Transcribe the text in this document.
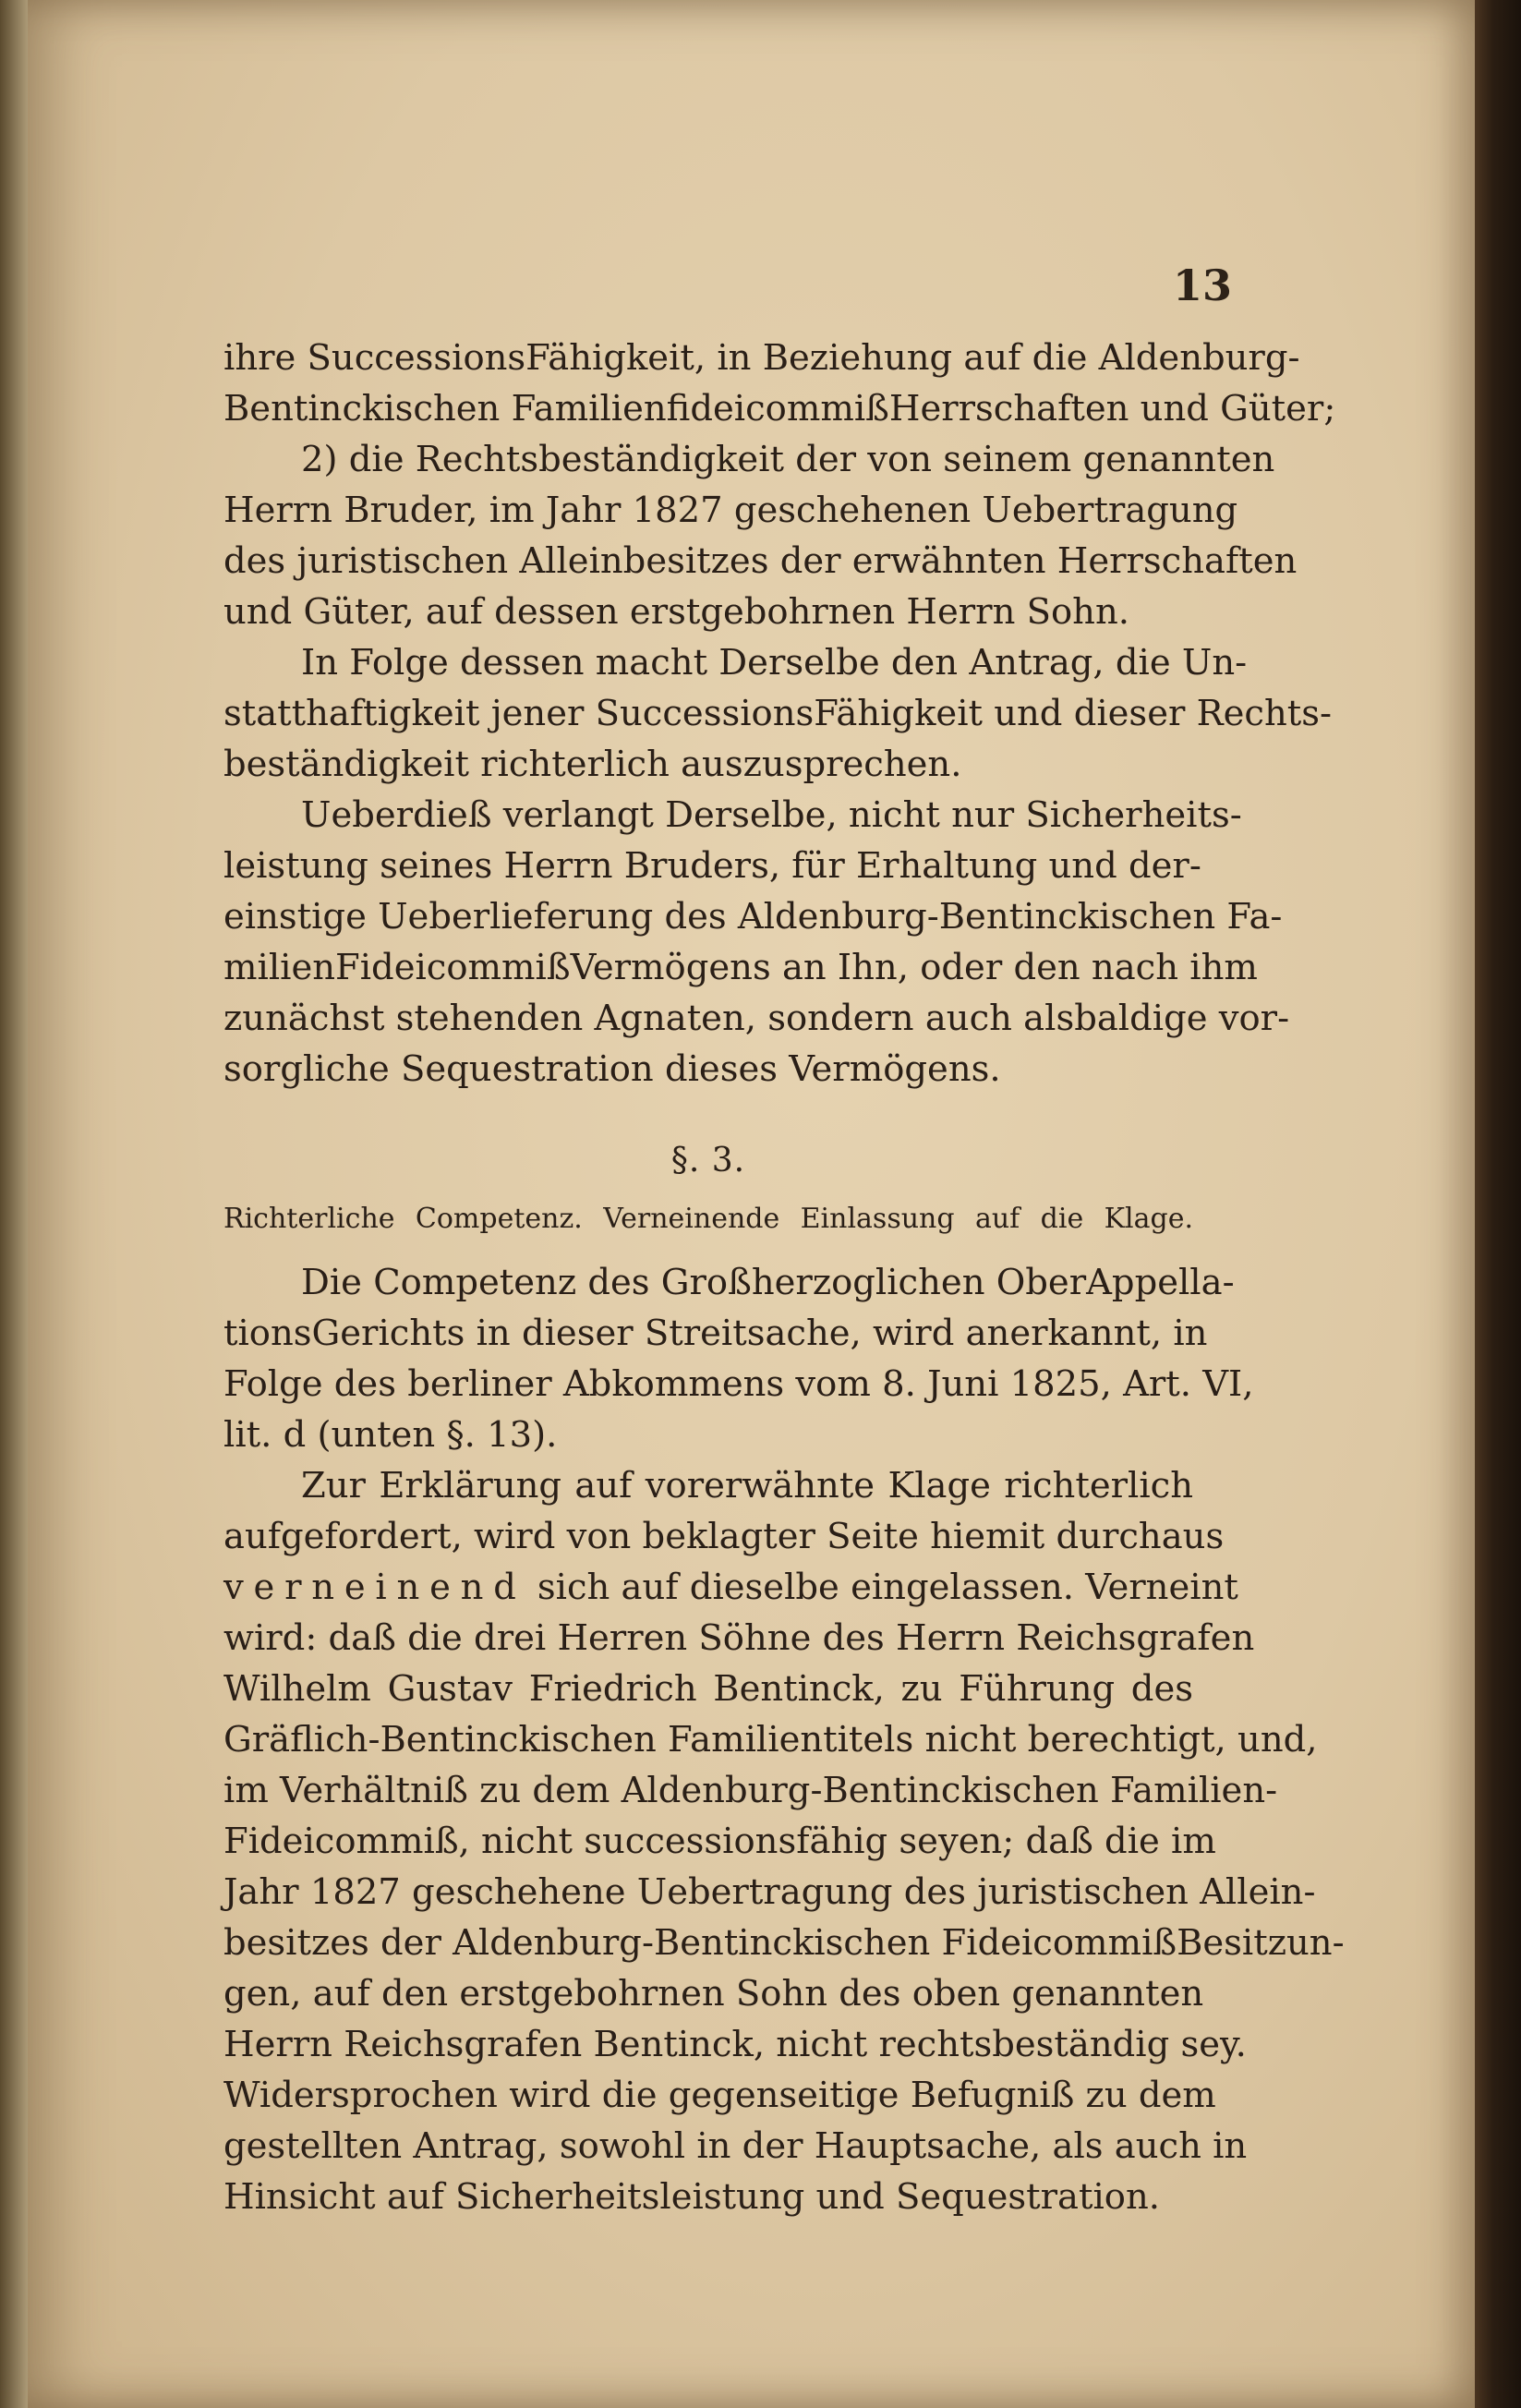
13
ihre SuccessionsFähigkeit, in Beziehung auf die Aldenburg-
Bentinckischen FamilienfideicommißHerrschaften und Güter;
2) die Rechtsbeständigkeit der von seinem genannten
Herrn Bruder, im Jahr 1827 geschehenen Uebertragung
des juristischen Alleinbesitzes der erwähnten Herrschaften
und Güter, auf dessen erstgebohrnen Herrn Sohn.
In Folge dessen macht Derselbe den Antrag, die Un-
statthaftigkeit jener SuccessionsFähigkeit und dieser Rechts-
beständigkeit richterlich auszusprechen.
Ueberdieß verlangt Derselbe, nicht nur Sicherheits-
leistung seines Herrn Bruders, für Erhaltung und der-
einstige Ueberlieferung des Aldenburg-Bentinckischen Fa-
milienFideicommißVermögens an Ihn, oder den nach ihm
zunächst stehenden Agnaten, sondern auch alsbaldige vor-
sorgliche Sequestration dieses Vermögens.
§. 3.
Richterliche Competenz. Verneinende Einlassung auf die Klage.
Die Competenz des Großherzoglichen OberAppella-
tionsGerichts in dieser Streitsache, wird anerkannt, in
Folge des berliner Abkommens vom 8. Juni 1825, Art. VI,
lit. d (unten §. 13).
Zur Erklärung auf vorerwähnte Klage richterlich
aufgefordert, wird von beklagter Seite hiemit durchaus
verneinend sich auf dieselbe eingelassen. Verneint
wird: daß die drei Herren Söhne des Herrn Reichsgrafen
Wilhelm Gustav Friedrich Bentinck, zu Führung des
Gräflich-Bentinckischen Familientitels nicht berechtigt, und,
im Verhältniß zu dem Aldenburg-Bentinckischen Familien-
Fideicommiß, nicht successionsfähig seyen; daß die im
Jahr 1827 geschehene Uebertragung des juristischen Allein-
besitzes der Aldenburg-Bentinckischen FideicommißBesitzun-
gen, auf den erstgebohrnen Sohn des oben genannten
Herrn Reichsgrafen Bentinck, nicht rechtsbeständig sey.
Widersprochen wird die gegenseitige Befugniß zu dem
gestellten Antrag, sowohl in der Hauptsache, als auch in
Hinsicht auf Sicherheitsleistung und Sequestration.
